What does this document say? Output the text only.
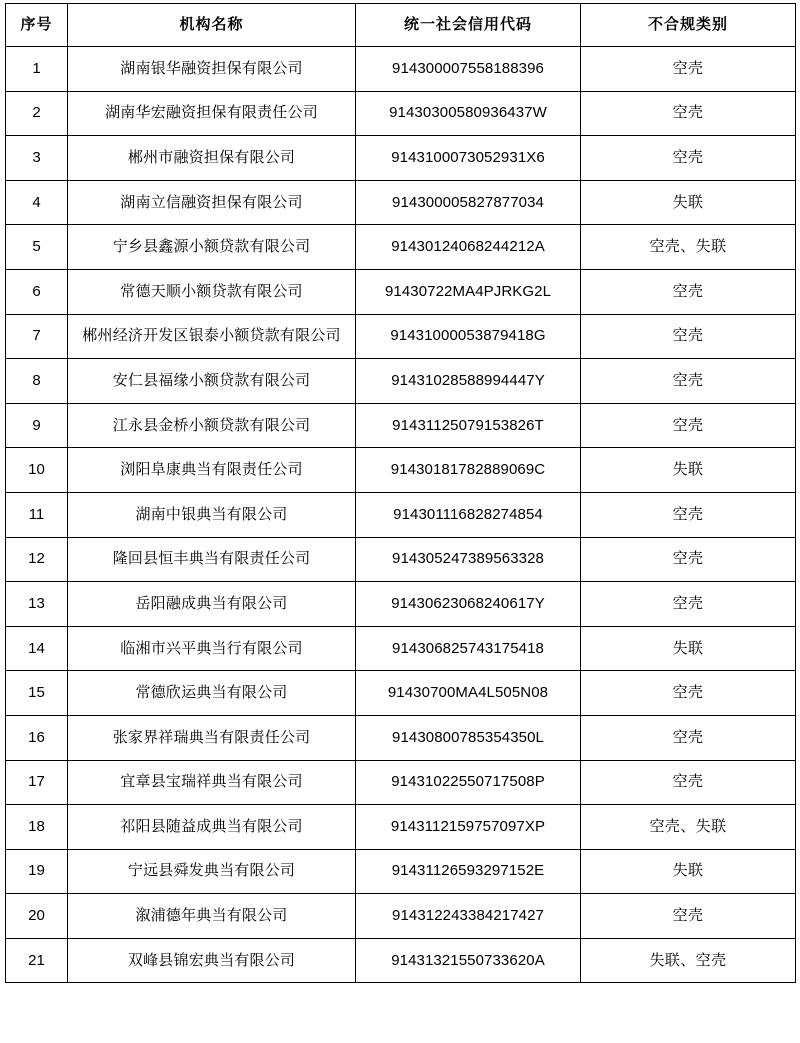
序号	机构名称	统一社会信用代码	不合规类别
1	湖南银华融资担保有限公司	914300007558188396	空壳
2	湖南华宏融资担保有限责任公司	91430300580936437W	空壳
3	郴州市融资担保有限公司	9143100073052931X6	空壳
4	湖南立信融资担保有限公司	914300005827877034	失联
5	宁乡县鑫源小额贷款有限公司	91430124068244212A	空壳、失联
6	常德天顺小额贷款有限公司	91430722MA4PJRKG2L	空壳
7	郴州经济开发区银泰小额贷款有限公司	91431000053879418G	空壳
8	安仁县福缘小额贷款有限公司	91431028588994447Y	空壳
9	江永县金桥小额贷款有限公司	91431125079153826T	空壳
10	浏阳阜康典当有限责任公司	91430181782889069C	失联
11	湖南中银典当有限公司	914301116828274854	空壳
12	隆回县恒丰典当有限责任公司	914305247389563328	空壳
13	岳阳融成典当有限公司	91430623068240617Y	空壳
14	临湘市兴平典当行有限公司	914306825743175418	失联
15	常德欣运典当有限公司	91430700MA4L505N08	空壳
16	张家界祥瑞典当有限责任公司	91430800785354350L	空壳
17	宜章县宝瑞祥典当有限公司	91431022550717508P	空壳
18	祁阳县随益成典当有限公司	9143112159757097XP	空壳、失联
19	宁远县舜发典当有限公司	91431126593297152E	失联
20	溆浦德年典当有限公司	914312243384217427	空壳
21	双峰县锦宏典当有限公司	91431321550733620A	失联、空壳
